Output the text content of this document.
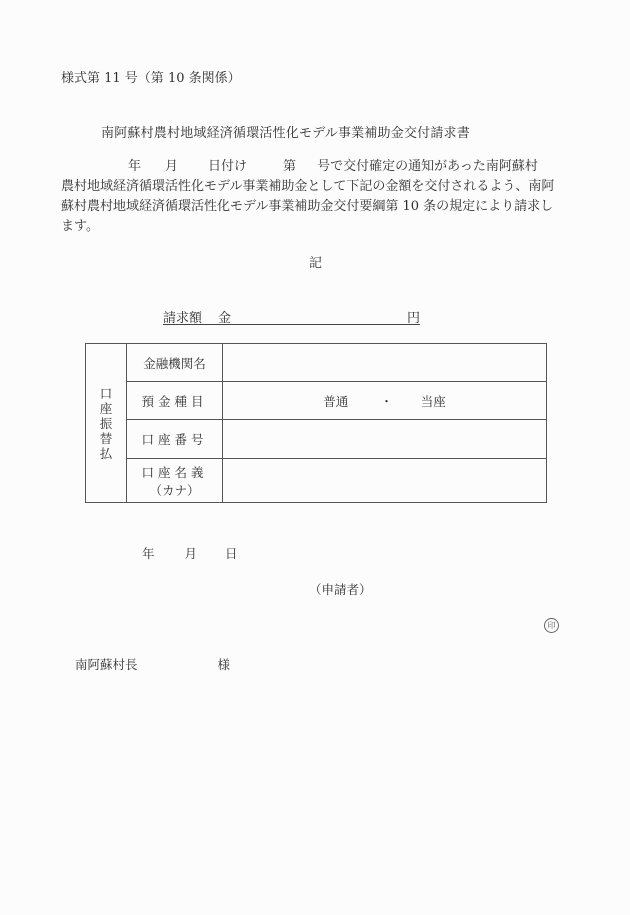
様式第 11 号（第 10 条関係）
南阿蘇村農村地域経済循環活性化モデル事業補助金交付請求書
年 月 日付け	第 号で交付確定の通知があった南阿蘇村
農村地域経済循環活性化モデル事業補助金として下記の金額を交付されるよう、南阿
蘇村農村地域経済循環活性化モデル事業補助金交付要綱第 10 条の規定により請求し
ます。
記
請求額 金	円
口
座
振
替
払	金融機関名	
	預金種目	普通 ・ 当座
	口座番号	
	口座名義
（カナ）	

年 月 日
（申請者）
印
南阿蘇村長	様
